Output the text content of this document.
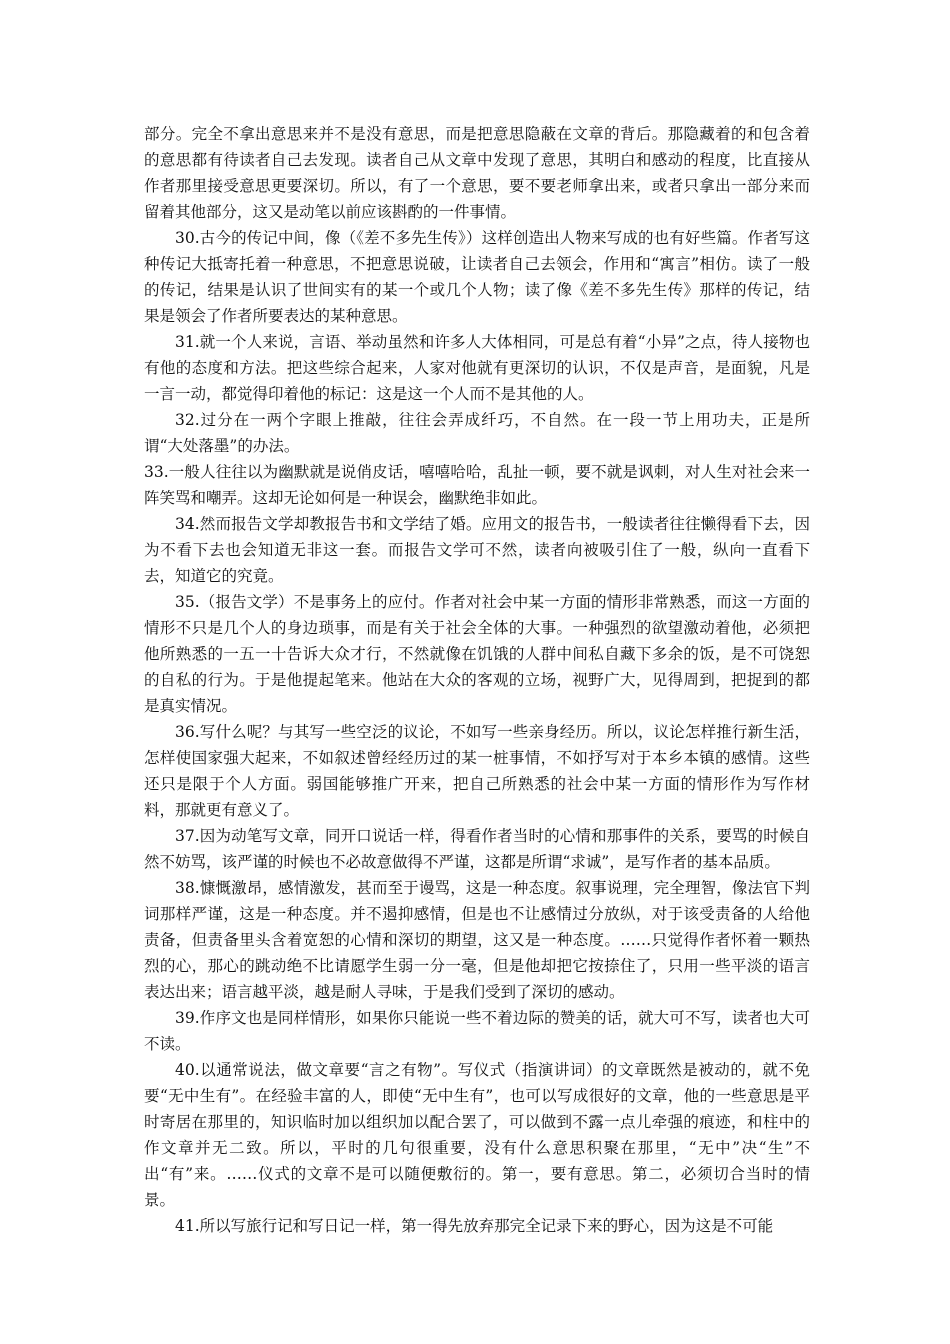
部分。完全不拿出意思来并不是没有意思，而是把意思隐蔽在文章的背后。那隐藏着的和包含着的意思都有待读者自己去发现。读者自己从文章中发现了意思，其明白和感动的程度，比直接从作者那里接受意思更要深切。所以，有了一个意思，要不要老师拿出来，或者只拿出一部分来而留着其他部分，这又是动笔以前应该斟酌的一件事情。

30.古今的传记中间，像（《差不多先生传》）这样创造出人物来写成的也有好些篇。作者写这种传记大抵寄托着一种意思，不把意思说破，让读者自己去领会，作用和“寓言”相仿。读了一般的传记，结果是认识了世间实有的某一个或几个人物；读了像《差不多先生传》那样的传记，结果是领会了作者所要表达的某种意思。

31.就一个人来说，言语、举动虽然和许多人大体相同，可是总有着“小异”之点，待人接物也有他的态度和方法。把这些综合起来，人家对他就有更深切的认识，不仅是声音，是面貌，凡是一言一动，都觉得印着他的标记：这是这一个人而不是其他的人。

32.过分在一两个字眼上推敲，往往会弄成纤巧，不自然。在一段一节上用功夫，正是所谓“大处落墨”的办法。

33.一般人往往以为幽默就是说俏皮话，嘻嘻哈哈，乱扯一顿，要不就是讽刺，对人生对社会来一阵笑骂和嘲弄。这却无论如何是一种误会，幽默绝非如此。

34.然而报告文学却教报告书和文学结了婚。应用文的报告书，一般读者往往懒得看下去，因为不看下去也会知道无非这一套。而报告文学可不然，读者向被吸引住了一般，纵向一直看下去，知道它的究竟。

35.（报告文学）不是事务上的应付。作者对社会中某一方面的情形非常熟悉，而这一方面的情形不只是几个人的身边琐事，而是有关于社会全体的大事。一种强烈的欲望激动着他，必须把他所熟悉的一五一十告诉大众才行，不然就像在饥饿的人群中间私自藏下多余的饭，是不可饶恕的自私的行为。于是他提起笔来。他站在大众的客观的立场，视野广大，见得周到，把捉到的都是真实情况。

36.写什么呢？与其写一些空泛的议论，不如写一些亲身经历。所以，议论怎样推行新生活，怎样使国家强大起来，不如叙述曾经经历过的某一桩事情，不如抒写对于本乡本镇的感情。这些还只是限于个人方面。弱国能够推广开来，把自己所熟悉的社会中某一方面的情形作为写作材料，那就更有意义了。

37.因为动笔写文章，同开口说话一样，得看作者当时的心情和那事件的关系，要骂的时候自然不妨骂，该严谨的时候也不必故意做得不严谨，这都是所谓“求诚”，是写作者的基本品质。

38.慷慨激昂，感情激发，甚而至于谩骂，这是一种态度。叙事说理，完全理智，像法官下判词那样严谨，这是一种态度。并不遏抑感情，但是也不让感情过分放纵，对于该受责备的人给他责备，但责备里头含着宽恕的心情和深切的期望，这又是一种态度。……只觉得作者怀着一颗热烈的心，那心的跳动绝不比请愿学生弱一分一毫，但是他却把它按捺住了，只用一些平淡的语言表达出来；语言越平淡，越是耐人寻味，于是我们受到了深切的感动。

39.作序文也是同样情形，如果你只能说一些不着边际的赞美的话，就大可不写，读者也大可不读。

40.以通常说法，做文章要“言之有物”。写仪式（指演讲词）的文章既然是被动的，就不免要“无中生有”。在经验丰富的人，即使“无中生有”，也可以写成很好的文章，他的一些意思是平时寄居在那里的，知识临时加以组织加以配合罢了，可以做到不露一点儿牵强的痕迹，和柱中的作文章并无二致。所以，平时的几句很重要，没有什么意思积聚在那里，“无中”决“生”不出“有”来。……仪式的文章不是可以随便敷衍的。第一，要有意思。第二，必须切合当时的情景。

41.所以写旅行记和写日记一样，第一得先放弃那完全记录下来的野心，因为这是不可能
